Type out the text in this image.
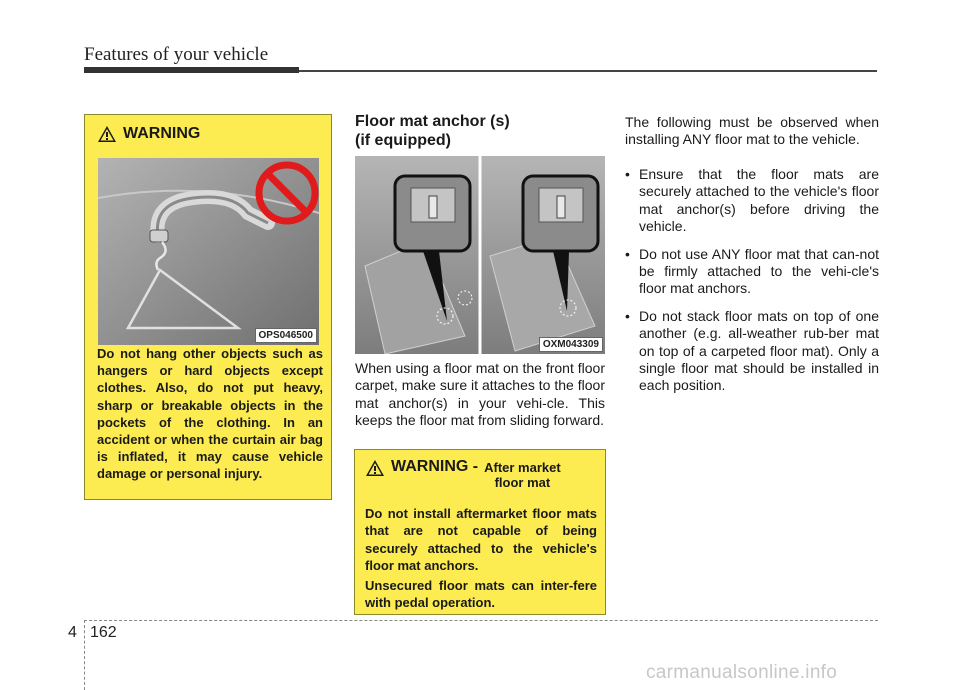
Features of your vehicle
WARNING
OPS046500
Do not hang other objects such as hangers or hard objects except clothes. Also, do not put heavy, sharp or breakable objects in the pockets of the clothing. In an accident or when the curtain air bag is inflated, it may cause vehicle damage or personal injury.
Floor mat anchor (s)
(if equipped)
OXM043309
When using a floor mat on the front floor carpet, make sure it attaches to the floor mat anchor(s) in your vehi-cle. This keeps the floor mat from sliding forward.
WARNING - After market
floor mat
Do not install aftermarket floor mats that are not capable of being securely attached to the vehicle's floor mat anchors.
Unsecured floor mats can inter-fere with pedal operation.
The following must be observed when installing ANY floor mat to the vehicle.
• Ensure that the floor mats are securely attached to the vehicle's floor mat anchor(s) before driving the vehicle.
• Do not use ANY floor mat that can-not be firmly attached to the vehi-cle's floor mat anchors.
• Do not stack floor mats on top of one another (e.g. all-weather rub-ber mat on top of a carpeted floor mat). Only a single floor mat should be installed in each position.
4 162
carmanualsonline.info
